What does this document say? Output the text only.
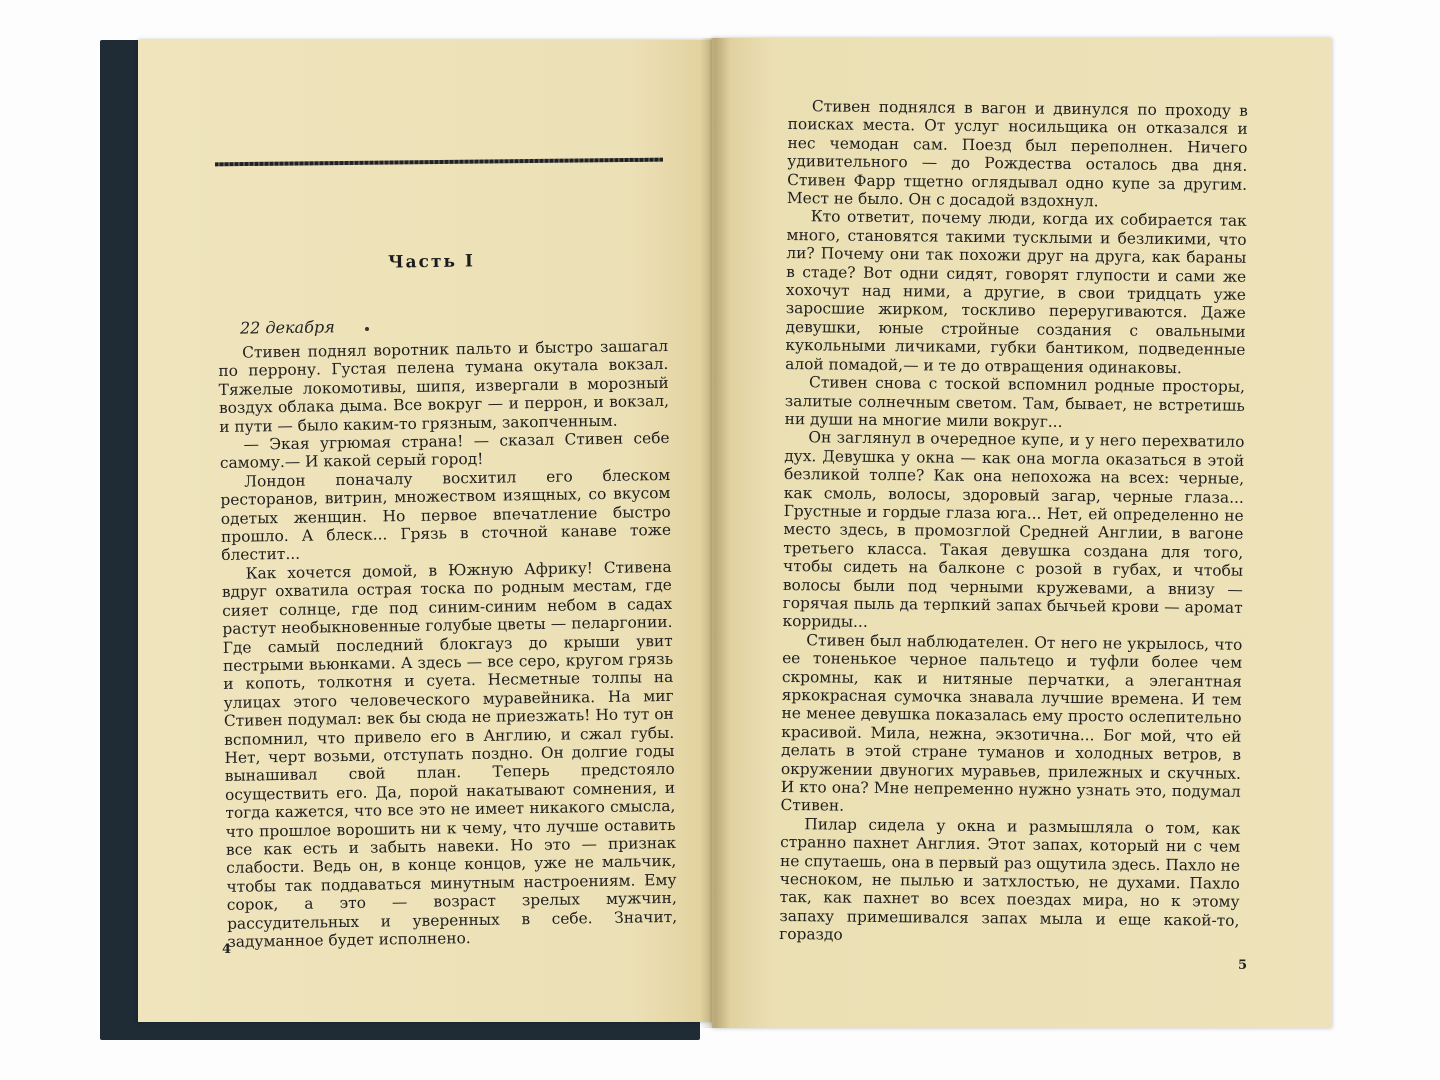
Часть I
22 декабря

Стивен поднял воротник пальто и быстро зашагал по перрону. Густая пелена тумана окутала вокзал. Тяжелые локомотивы, шипя, извергали в морозный воздух облака дыма. Все вокруг — и перрон, и вокзал, и пути — было каким-то грязным, закопченным.

— Экая угрюмая страна! — сказал Стивен себе самому.— И какой серый город!

Лондон поначалу восхитил его блеском ресторанов, витрин, множеством изящных, со вкусом одетых женщин. Но первое впечатление быстро прошло. А блеск... Грязь в сточной канаве тоже блестит...

Как хочется домой, в Южную Африку! Стивена вдруг охватила острая тоска по родным местам, где сияет солнце, где под синим-синим небом в садах растут необыкновенные голубые цветы — пеларгонии. Где самый последний блокгауз до крыши увит пестрыми вьюнками. А здесь — все серо, кругом грязь и копоть, толкотня и суета. Несметные толпы на улицах этого человеческого муравейника. На миг Стивен подумал: век бы сюда не приезжать! Но тут он вспомнил, что привело его в Англию, и сжал губы. Нет, черт возьми, отступать поздно. Он долгие годы вынашивал свой план. Теперь предстояло осуществить его. Да, порой накатывают сомнения, и тогда кажется, что все это не имеет никакого смысла, что прошлое ворошить ни к чему, что лучше оставить все как есть и забыть навеки. Но это — признак слабости. Ведь он, в конце концов, уже не мальчик, чтобы так поддаваться минутным настроениям. Ему сорок, а это — возраст зрелых мужчин, рассудительных и уверенных в себе. Значит, задуманное будет исполнено.

4

Стивен поднялся в вагон и двинулся по проходу в поисках места. От услуг носильщика он отказался и нес чемодан сам. Поезд был переполнен. Ничего удивительного — до Рождества осталось два дня. Стивен Фарр тщетно оглядывал одно купе за другим. Мест не было. Он с досадой вздохнул.

Кто ответит, почему люди, когда их собирается так много, становятся такими тусклыми и безликими, что ли? Почему они так похожи друг на друга, как бараны в стаде? Вот одни сидят, говорят глупости и сами же хохочут над ними, а другие, в свои тридцать уже заросшие жирком, тоскливо переругиваются. Даже девушки, юные стройные создания с овальными кукольными личиками, губки бантиком, подведенные алой помадой,— и те до отвращения одинаковы.

Стивен снова с тоской вспомнил родные просторы, залитые солнечным светом. Там, бывает, не встретишь ни души на многие мили вокруг...

Он заглянул в очередное купе, и у него перехватило дух. Девушка у окна — как она могла оказаться в этой безликой толпе? Как она непохожа на всех: черные, как смоль, волосы, здоровый загар, черные глаза... Грустные и гордые глаза юга... Нет, ей определенно не место здесь, в промозглой Средней Англии, в вагоне третьего класса. Такая девушка создана для того, чтобы сидеть на балконе с розой в губах, и чтобы волосы были под черными кружевами, а внизу — горячая пыль да терпкий запах бычьей крови — аромат корриды...

Стивен был наблюдателен. От него не укрылось, что ее тоненькое черное пальтецо и туфли более чем скромны, как и нитяные перчатки, а элегантная яркокрасная сумочка знавала лучшие времена. И тем не менее девушка показалась ему просто ослепительно красивой. Мила, нежна, экзотична... Бог мой, что ей делать в этой стране туманов и холодных ветров, в окружении двуногих муравьев, прилежных и скучных. И кто она? Мне непременно нужно узнать это, подумал Стивен.

Пилар сидела у окна и размышляла о том, как странно пахнет Англия. Этот запах, который ни с чем не спутаешь, она в первый раз ощутила здесь. Пахло не чесноком, не пылью и затхлостью, не духами. Пахло так, как пахнет во всех поездах мира, но к этому запаху примешивался запах мыла и еще какой-то, гораздо

5
